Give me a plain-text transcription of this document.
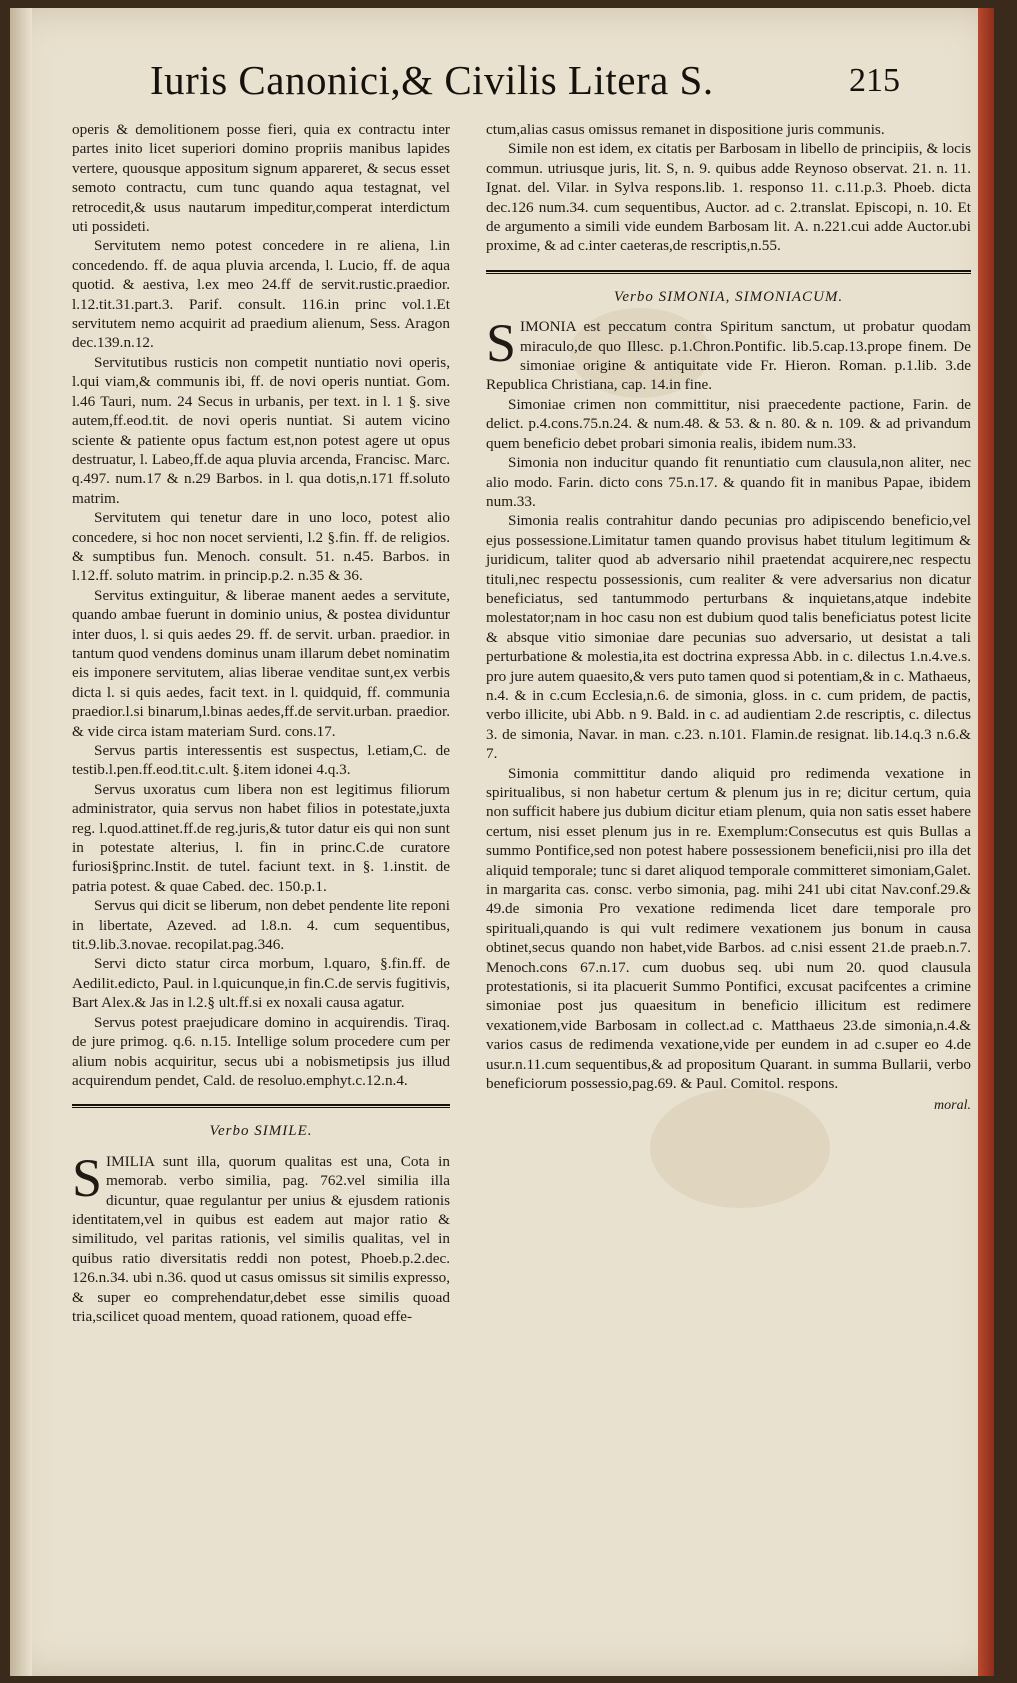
Iuris Canonici,& Civilis Litera S.	215

operis & demolitionem posse fieri, quia ex contractu inter partes inito licet superiori domino propriis manibus lapides vertere, quousque appositum signum appareret, & secus esset semoto contractu, cum tunc quando aqua testagnat, vel retrocedit,& usus nautarum impeditur,comperat interdictum uti possideti.

Servitutem nemo potest concedere in re aliena, l.in concedendo. ff. de aqua pluvia arcenda, l. Lucio, ff. de aqua quotid. & aestiva, l.ex meo 24.ff de servit.rustic.praedior. l.12.tit.31.part.3. Parif. consult. 116.in princ vol.1.Et servitutem nemo acquirit ad praedium alienum, Sess. Aragon dec.139.n.12.

Servitutibus rusticis non competit nuntiatio novi operis, l.qui viam,& communis ibi, ff. de novi operis nuntiat. Gom. l.46 Tauri, num. 24 Secus in urbanis, per text. in l. 1 §. sive autem,ff.eod.tit. de novi operis nuntiat. Si autem vicino sciente & patiente opus factum est,non potest agere ut opus destruatur, l. Labeo,ff.de aqua pluvia arcenda, Francisc. Marc. q.497. num.17 & n.29 Barbos. in l. qua dotis,n.171 ff.soluto matrim.

Servitutem qui tenetur dare in uno loco, potest alio concedere, si hoc non nocet servienti, l.2 §.fin. ff. de religios. & sumptibus fun. Menoch. consult. 51. n.45. Barbos. in l.12.ff. soluto matrim. in princip.p.2. n.35 & 36.

Servitus extinguitur, & liberae manent aedes a servitute, quando ambae fuerunt in dominio unius, & postea dividuntur inter duos, l. si quis aedes 29. ff. de servit. urban. praedior. in tantum quod vendens dominus unam illarum debet nominatim eis imponere servitutem, alias liberae venditae sunt,ex verbis dicta l. si quis aedes, facit text. in l. quidquid, ff. communia praedior.l.si binarum,l.binas aedes,ff.de servit.urban. praedior. & vide circa istam materiam Surd. cons.17.

Servus partis interessentis est suspectus, l.etiam,C. de testib.l.pen.ff.eod.tit.c.ult. §.item idonei 4.q.3.

Servus uxoratus cum libera non est legitimus filiorum administrator, quia servus non habet filios in potestate,juxta reg. l.quod.attinet.ff.de reg.juris,& tutor datur eis qui non sunt in potestate alterius, l. fin in princ.C.de curatore furiosi§princ.Instit. de tutel. faciunt text. in §. 1.instit. de patria potest. & quae Cabed. dec. 150.p.1.

Servus qui dicit se liberum, non debet pendente lite reponi in libertate, Azeved. ad l.8.n. 4. cum sequentibus, tit.9.lib.3.novae. recopilat.pag.346.

Servi dicto statur circa morbum, l.quaro, §.fin.ff. de Aedilit.edicto, Paul. in l.quicunque,in fin.C.de servis fugitivis, Bart Alex.& Jas in l.2.§ ult.ff.si ex noxali causa agatur.

Servus potest praejudicare domino in acquirendis. Tiraq. de jure primog. q.6. n.15. Intellige solum procedere cum per alium nobis acquiritur, secus ubi a nobismetipsis jus illud acquirendum pendet, Cald. de resoluo.emphyt.c.12.n.4.

Verbo SIMILE.

SIMILIA sunt illa, quorum qualitas est una, Cota in memorab. verbo similia, pag. 762.vel similia illa dicuntur, quae regulantur per unius & ejusdem rationis identitatem,vel in quibus est eadem aut major ratio & similitudo, vel paritas rationis, vel similis qualitas, vel in quibus ratio diversitatis reddi non potest, Phoeb.p.2.dec. 126.n.34. ubi n.36. quod ut casus omissus sit similis expresso, & super eo comprehendatur,debet esse similis quoad tria,scilicet quoad mentem, quoad rationem, quoad effe-

ctum,alias casus omissus remanet in dispositione juris communis.

Simile non est idem, ex citatis per Barbosam in libello de principiis, & locis commun. utriusque juris, lit. S, n. 9. quibus adde Reynoso observat. 21. n. 11. Ignat. del. Vilar. in Sylva respons.lib. 1. responso 11. c.11.p.3. Phoeb. dicta dec.126 num.34. cum sequentibus, Auctor. ad c. 2.translat. Episcopi, n. 10. Et de argumento a simili vide eundem Barbosam lit. A. n.221.cui adde Auctor.ubi proxime, & ad c.inter caeteras,de rescriptis,n.55.

Verbo SIMONIA, SIMONIACUM.

SIMONIA est peccatum contra Spiritum sanctum, ut probatur quodam miraculo,de quo Illesc. p.1.Chron.Pontific. lib.5.cap.13.prope finem. De simoniae origine & antiquitate vide Fr. Hieron. Roman. p.1.lib. 3.de Republica Christiana, cap. 14.in fine.

Simoniae crimen non committitur, nisi praecedente pactione, Farin. de delict. p.4.cons.75.n.24. & num.48. & 53. & n. 80. & n. 109. & ad privandum quem beneficio debet probari simonia realis, ibidem num.33.

Simonia non inducitur quando fit renuntiatio cum clausula,non aliter, nec alio modo. Farin. dicto cons 75.n.17. & quando fit in manibus Papae, ibidem num.33.

Simonia realis contrahitur dando pecunias pro adipiscendo beneficio,vel ejus possessione.Limitatur tamen quando provisus habet titulum legitimum & juridicum, taliter quod ab adversario nihil praetendat acquirere,nec respectu tituli,nec respectu possessionis, cum realiter & vere adversarius non dicatur beneficiatus, sed tantummodo perturbans & inquietans,atque indebite molestator;nam in hoc casu non est dubium quod talis beneficiatus potest licite & absque vitio simoniae dare pecunias suo adversario, ut desistat a tali perturbatione & molestia,ita est doctrina expressa Abb. in c. dilectus 1.n.4.ve.s. pro jure autem quaesito,& vers puto tamen quod si potentiam,& in c. Mathaeus, n.4. & in c.cum Ecclesia,n.6. de simonia, gloss. in c. cum pridem, de pactis, verbo illicite, ubi Abb. n 9. Bald. in c. ad audientiam 2.de rescriptis, c. dilectus 3. de simonia, Navar. in man. c.23. n.101. Flamin.de resignat. lib.14.q.3 n.6.& 7.

Simonia committitur dando aliquid pro redimenda vexatione in spiritualibus, si non habetur certum & plenum jus in re; dicitur certum, quia non sufficit habere jus dubium dicitur etiam plenum, quia non satis esset habere certum, nisi esset plenum jus in re. Exemplum:Consecutus est quis Bullas a summo Pontifice,sed non potest habere possessionem beneficii,nisi pro illa det aliquid temporale; tunc si daret aliquod temporale committeret simoniam,Galet. in margarita cas. consc. verbo simonia, pag. mihi 241 ubi citat Nav.conf.29.& 49.de simonia Pro vexatione redimenda licet dare temporale pro spirituali,quando is qui vult redimere vexationem jus bonum in causa obtinet,secus quando non habet,vide Barbos. ad c.nisi essent 21.de praeb.n.7. Menoch.cons 67.n.17. cum duobus seq. ubi num 20. quod clausula protestationis, si ita placuerit Summo Pontifici, excusat pacifcentes a crimine simoniae post jus quaesitum in beneficio illicitum est redimere vexationem,vide Barbosam in collect.ad c. Matthaeus 23.de simonia,n.4.& varios casus de redimenda vexatione,vide per eundem in ad c.super eo 4.de usur.n.11.cum sequentibus,& ad propositum Quarant. in summa Bullarii, verbo beneficiorum possessio,pag.69. & Paul. Comitol. respons.

moral.
